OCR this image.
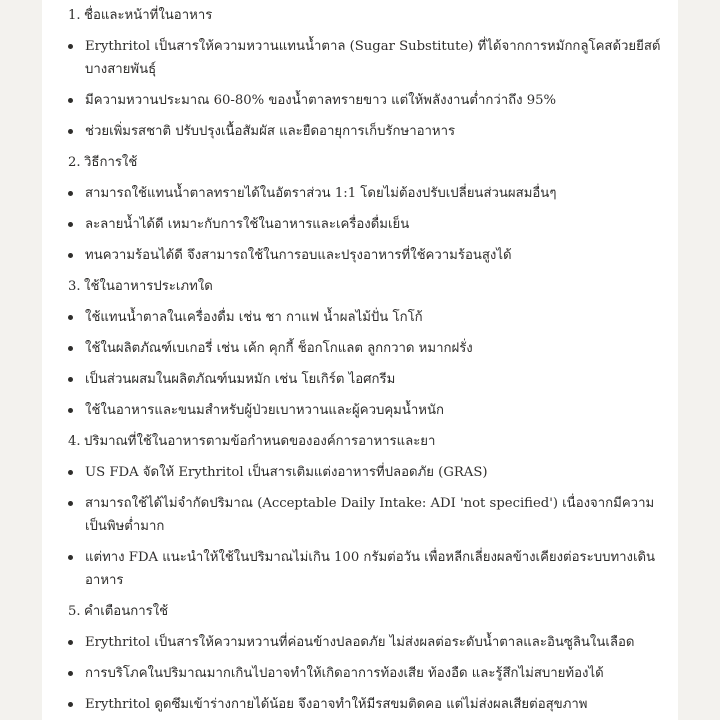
1. ชื่อและหน้าที่ในอาหาร
Erythritol เป็นสารให้ความหวานแทนน้ำตาล (Sugar Substitute) ที่ได้จากการหมักกลูโคสด้วยยีสต์บางสายพันธุ์
มีความหวานประมาณ 60-80% ของน้ำตาลทรายขาว แต่ให้พลังงานต่ำกว่าถึง 95%
ช่วยเพิ่มรสชาติ ปรับปรุงเนื้อสัมผัส และยืดอายุการเก็บรักษาอาหาร
2. วิธีการใช้
สามารถใช้แทนน้ำตาลทรายได้ในอัตราส่วน 1:1 โดยไม่ต้องปรับเปลี่ยนส่วนผสมอื่นๆ
ละลายน้ำได้ดี เหมาะกับการใช้ในอาหารและเครื่องดื่มเย็น
ทนความร้อนได้ดี จึงสามารถใช้ในการอบและปรุงอาหารที่ใช้ความร้อนสูงได้
3. ใช้ในอาหารประเภทใด
ใช้แทนน้ำตาลในเครื่องดื่ม เช่น ชา กาแฟ น้ำผลไม้ปั่น โกโก้
ใช้ในผลิตภัณฑ์เบเกอรี่ เช่น เค้ก คุกกี้ ช็อกโกแลต ลูกกวาด หมากฝรั่ง
เป็นส่วนผสมในผลิตภัณฑ์นมหมัก เช่น โยเกิร์ต ไอศกรีม
ใช้ในอาหารและขนมสำหรับผู้ป่วยเบาหวานและผู้ควบคุมน้ำหนัก
4. ปริมาณที่ใช้ในอาหารตามข้อกำหนดขององค์การอาหารและยา
US FDA จัดให้ Erythritol เป็นสารเติมแต่งอาหารที่ปลอดภัย (GRAS)
สามารถใช้ได้ไม่จำกัดปริมาณ (Acceptable Daily Intake: ADI 'not specified') เนื่องจากมีความเป็นพิษต่ำมาก
แต่ทาง FDA แนะนำให้ใช้ในปริมาณไม่เกิน 100 กรัมต่อวัน เพื่อหลีกเลี่ยงผลข้างเคียงต่อระบบทางเดินอาหาร
5. คำเตือนการใช้
Erythritol เป็นสารให้ความหวานที่ค่อนข้างปลอดภัย ไม่ส่งผลต่อระดับน้ำตาลและอินซูลินในเลือด
การบริโภคในปริมาณมากเกินไปอาจทำให้เกิดอาการท้องเสีย ท้องอืด และรู้สึกไม่สบายท้องได้
Erythritol ดูดซึมเข้าร่างกายได้น้อย จึงอาจทำให้มีรสขมติดคอ แต่ไม่ส่งผลเสียต่อสุขภาพ
